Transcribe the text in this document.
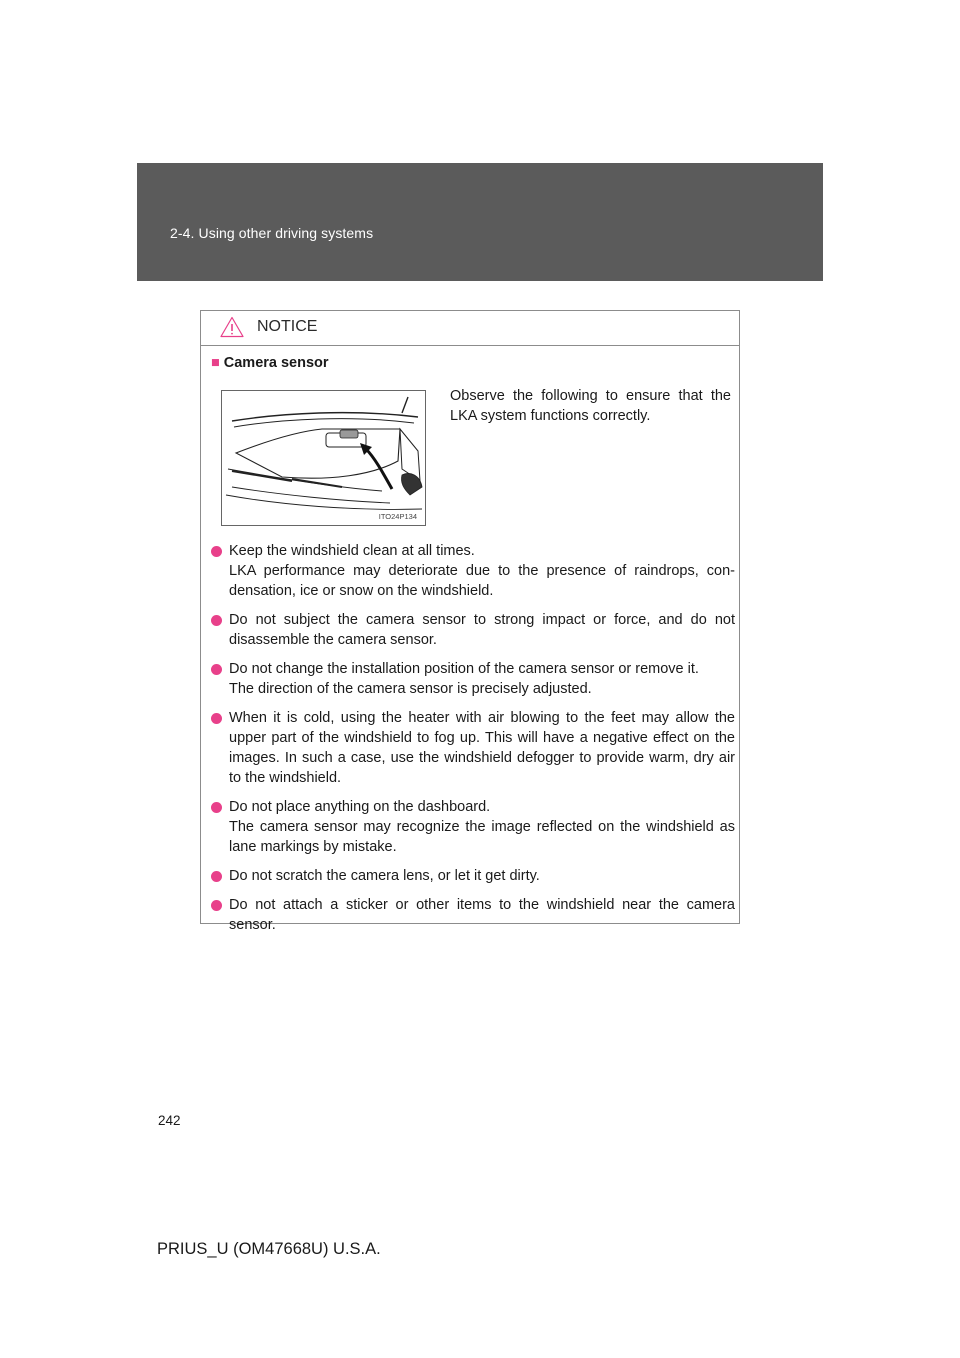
2-4. Using other driving systems
NOTICE
■ Camera sensor
ITO24P134
Observe the following to ensure that the LKA system functions correctly.
Keep the windshield clean at all times.
LKA performance may deteriorate due to the presence of raindrops, con- densation, ice or snow on the windshield.
Do not subject the camera sensor to strong impact or force, and do not disassemble the camera sensor.
Do not change the installation position of the camera sensor or remove it.
The direction of the camera sensor is precisely adjusted.
When it is cold, using the heater with air blowing to the feet may allow the upper part of the windshield to fog up. This will have a negative effect on the images. In such a case, use the windshield defogger to provide warm, dry air to the windshield.
Do not place anything on the dashboard.
The camera sensor may recognize the image reflected on the windshield as lane markings by mistake.
Do not scratch the camera lens, or let it get dirty.
Do not attach a sticker or other items to the windshield near the camera sensor.
242
PRIUS_U (OM47668U) U.S.A.
